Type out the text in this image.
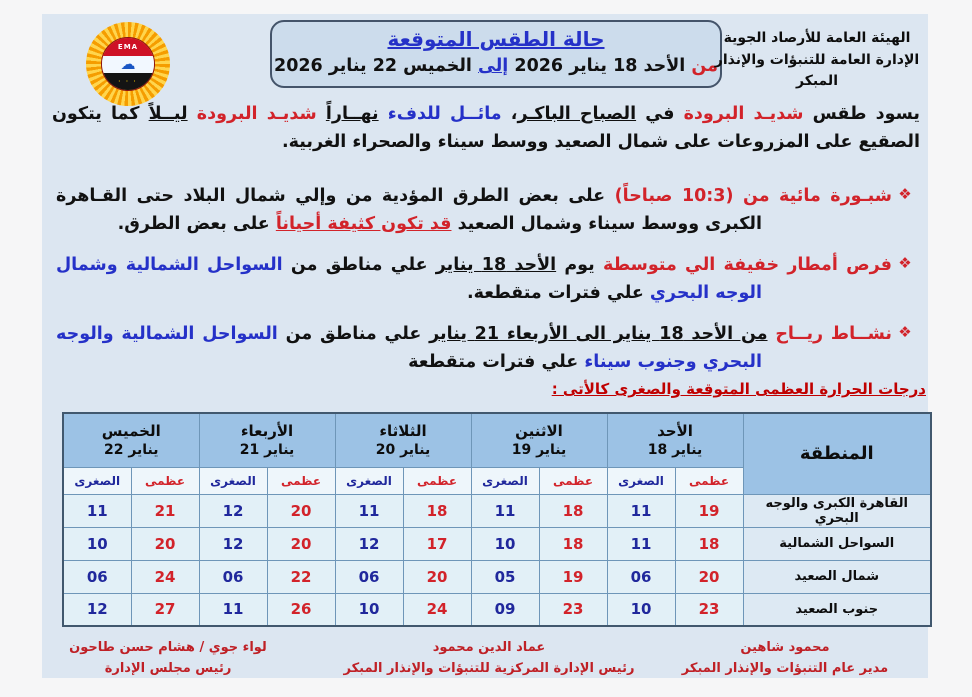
EMA
☁
· · ·
حالة الطقس المتوقعة
من الأحد 18 يناير 2026 إلى الخميس 22 يناير 2026
الهيئة العامة للأرصاد الجوية
الإدارة العامة للتنبؤات والإنذار المبكر
يسود طقس شديـد البرودة في الصباح الباكـر، مائــل للدفء نهــاراً شديـد البرودة ليــلاً كما يتكون الصقيع على المزروعات على شمال الصعيد ووسط سيناء والصحراء الغربية.
❖
شبـورة مائية من (10:3 صباحاً) على بعض الطرق المؤدية من وإلي شمال البلاد حتى القـاهرة الكبرى ووسط سيناء وشمال الصعيد قد تكون كثيفة أحياناً على بعض الطرق.
❖
فرص أمطار خفيفة الي متوسطة يوم الأحد 18 يناير علي مناطق من السواحل الشمالية وشمال الوجه البحري علي فترات متقطعة.
❖
نشــاط ريــاح من الأحد 18 يناير الى الأربعاء 21 يناير علي مناطق من السواحل الشمالية والوجه البحري وجنوب سيناء علي فترات متقطعة
درجات الحرارة العظمى المتوقعة والصغرى كالأتى :
المنطقة	
الأحد
18 يناير

الاثنين
19 يناير

الثلاثاء
20 يناير

الأربعاء
21 يناير

الخميس
22 يناير

	عظمى	الصغرى	عظمى	الصغرى	عظمى	الصغرى	عظمى	الصغرى	عظمى	الصغرى
القاهرة الكبرى والوجه البحري	19	11	18	11	18	11	20	12	21	11
السواحل الشمالية	18	11	18	10	17	12	20	12	20	10
شمال الصعيد	20	06	19	05	20	06	22	06	24	06
جنوب الصعيد	23	10	23	09	24	10	26	11	27	12
محمود شاهين
مدير عام التنبؤات والإنذار المبكر
عماد الدين محمود
رئيس الإدارة المركزية للتنبؤات والإنذار المبكر
لواء جوي / هشام حسن طاحون
رئيس مجلس الإدارة
